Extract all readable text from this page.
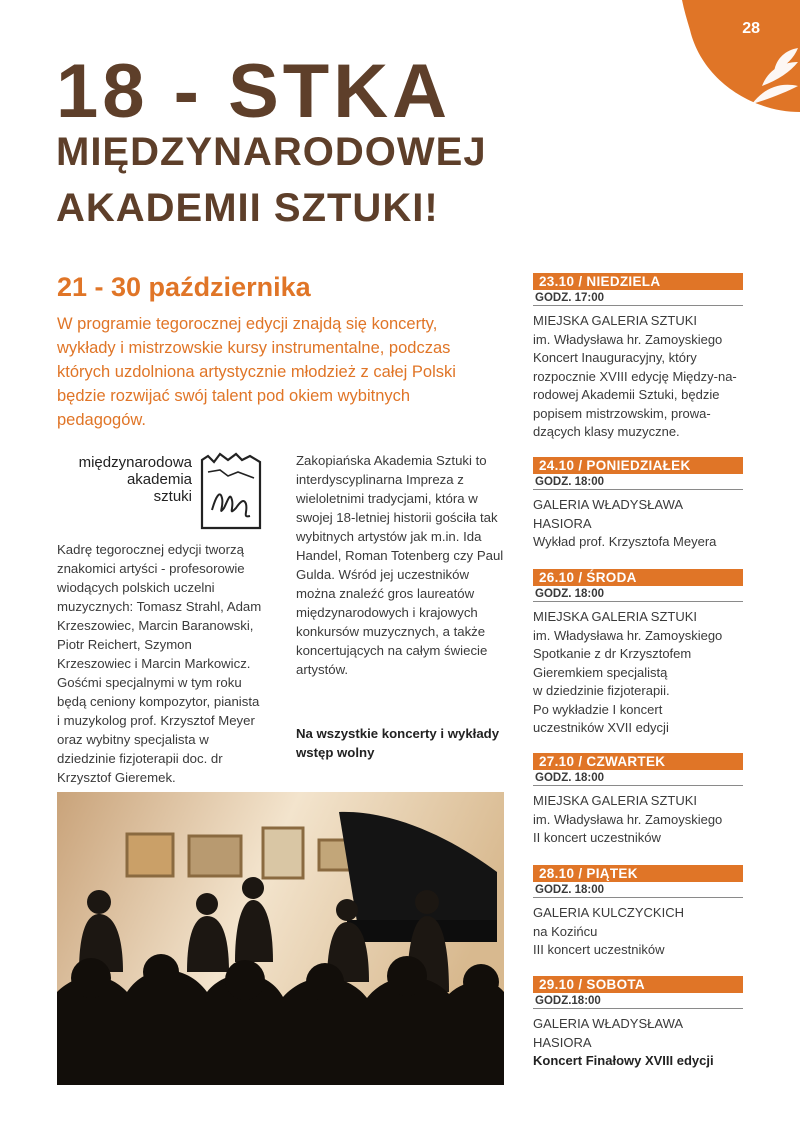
28
18 - STKA
MIĘDZYNARODOWEJ
AKADEMII SZTUKI!
21 - 30 października
W programie tegorocznej edycji znajdą się koncerty, wykłady i mistrzowskie kursy instrumentalne, podczas których uzdolniona artystycznie młodzież z całej Polski będzie rozwijać swój talent pod okiem wybitnych pedagogów.
międzynarodowa
akademia
sztuki
Kadrę tegorocznej edycji tworzą znakomici artyści - profesorowie wiodących polskich uczelni muzycznych: Tomasz Strahl, Adam Krzeszowiec, Marcin Baranowski, Piotr Reichert, Szymon Krzeszowiec i Marcin Markowicz. Gośćmi specjalnymi w tym roku będą ceniony kompozytor, pianista i muzykolog prof. Krzysztof Meyer oraz wybitny specjalista w dziedzinie fizjoterapii doc. dr Krzysztof Gieremek.
Zakopiańska Akademia Sztuki to interdyscyplinarna Impreza z wieloletnimi tradycjami, która w swojej 18-letniej historii gościła tak wybitnych artystów jak m.in. Ida Handel, Roman Totenberg czy Paul Gulda. Wśród jej uczestników można znaleźć gros laureatów międzynarodowych i krajowych konkursów muzycznych, a także koncertujących na całym świecie artystów.
Na wszystkie koncerty i wykłady wstęp wolny
23.10 / NIEDZIELA
GODZ. 17:00
MIEJSKA GALERIA SZTUKI
im. Władysława hr. Zamoyskiego
Koncert Inauguracyjny, który
rozpocznie XVIII edycję Między-na-
rodowej Akademii Sztuki, będzie
popisem mistrzowskim, prowa-
dzących klasy muzyczne.
24.10 / PONIEDZIAŁEK
GODZ. 18:00
GALERIA WŁADYSŁAWA
HASIORA
Wykład prof. Krzysztofa Meyera
26.10 / ŚRODA
GODZ. 18:00
MIEJSKA GALERIA SZTUKI
im. Władysława hr. Zamoyskiego
Spotkanie z dr Krzysztofem
Gieremkiem specjalistą
w dziedzinie fizjoterapii.
Po wykładzie I koncert
uczestników XVII edycji
27.10 / CZWARTEK
GODZ. 18:00
MIEJSKA GALERIA SZTUKI
im. Władysława hr. Zamoyskiego
II koncert uczestników
28.10 / PIĄTEK
GODZ. 18:00
GALERIA KULCZYCKICH
na Kozińcu
III koncert uczestników
29.10 / SOBOTA
GODZ.18:00
GALERIA WŁADYSŁAWA
HASIORA
Koncert Finałowy XVIII edycji
